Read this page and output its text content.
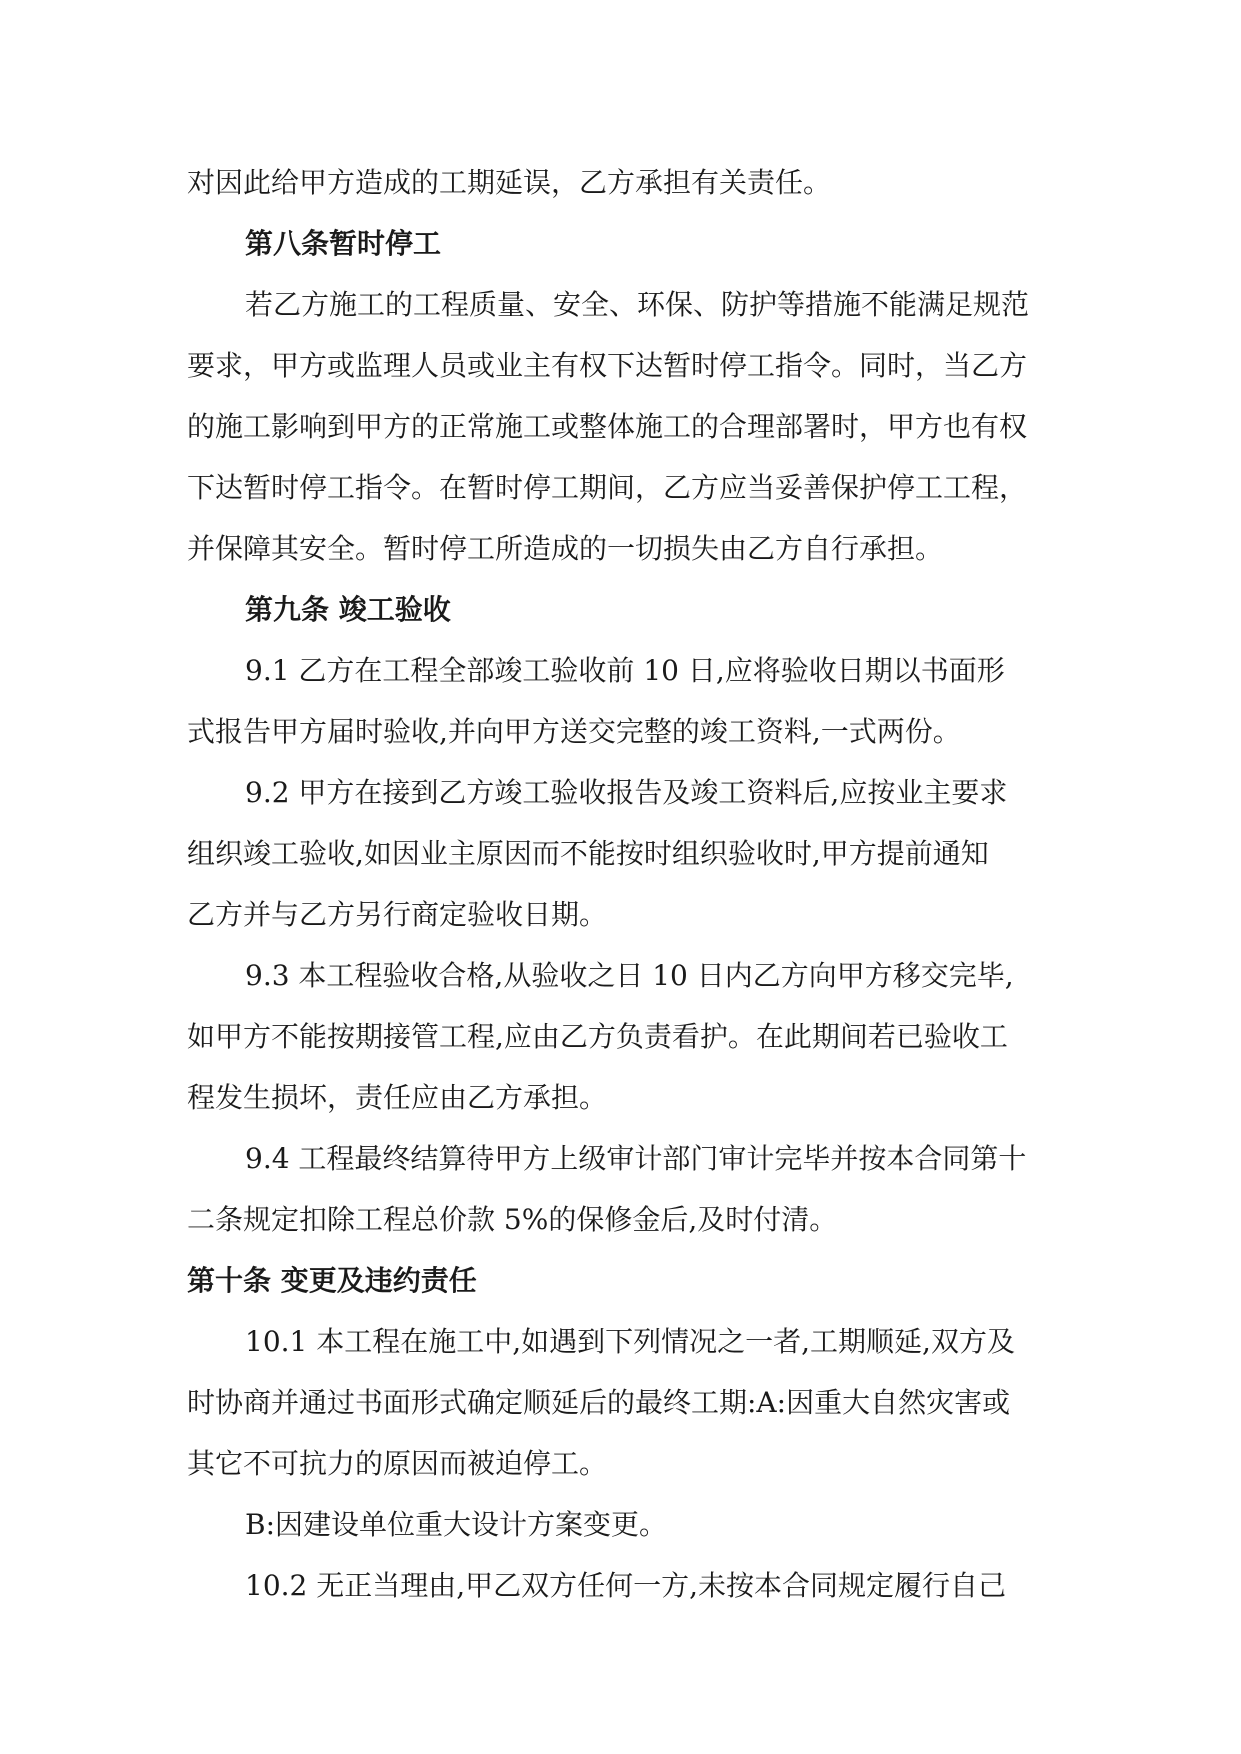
对因此给甲方造成的工期延误，乙方承担有关责任。
第八条暂时停工
若乙方施工的工程质量、安全、环保、防护等措施不能满足规范
要求，甲方或监理人员或业主有权下达暂时停工指令。同时，当乙方
的施工影响到甲方的正常施工或整体施工的合理部署时，甲方也有权
下达暂时停工指令。在暂时停工期间，乙方应当妥善保护停工工程，
并保障其安全。暂时停工所造成的一切损失由乙方自行承担。
第九条 竣工验收
9.1 乙方在工程全部竣工验收前 10 日,应将验收日期以书面形
式报告甲方届时验收,并向甲方送交完整的竣工资料,一式两份。
9.2 甲方在接到乙方竣工验收报告及竣工资料后,应按业主要求
组织竣工验收,如因业主原因而不能按时组织验收时,甲方提前通知
乙方并与乙方另行商定验收日期。
9.3 本工程验收合格,从验收之日 10 日内乙方向甲方移交完毕,
如甲方不能按期接管工程,应由乙方负责看护。在此期间若已验收工
程发生损坏，责任应由乙方承担。
9.4 工程最终结算待甲方上级审计部门审计完毕并按本合同第十
二条规定扣除工程总价款 5%的保修金后,及时付清。
第十条 变更及违约责任
10.1 本工程在施工中,如遇到下列情况之一者,工期顺延,双方及
时协商并通过书面形式确定顺延后的最终工期:A:因重大自然灾害或
其它不可抗力的原因而被迫停工。
B:因建设单位重大设计方案变更。
10.2 无正当理由,甲乙双方任何一方,未按本合同规定履行自己
